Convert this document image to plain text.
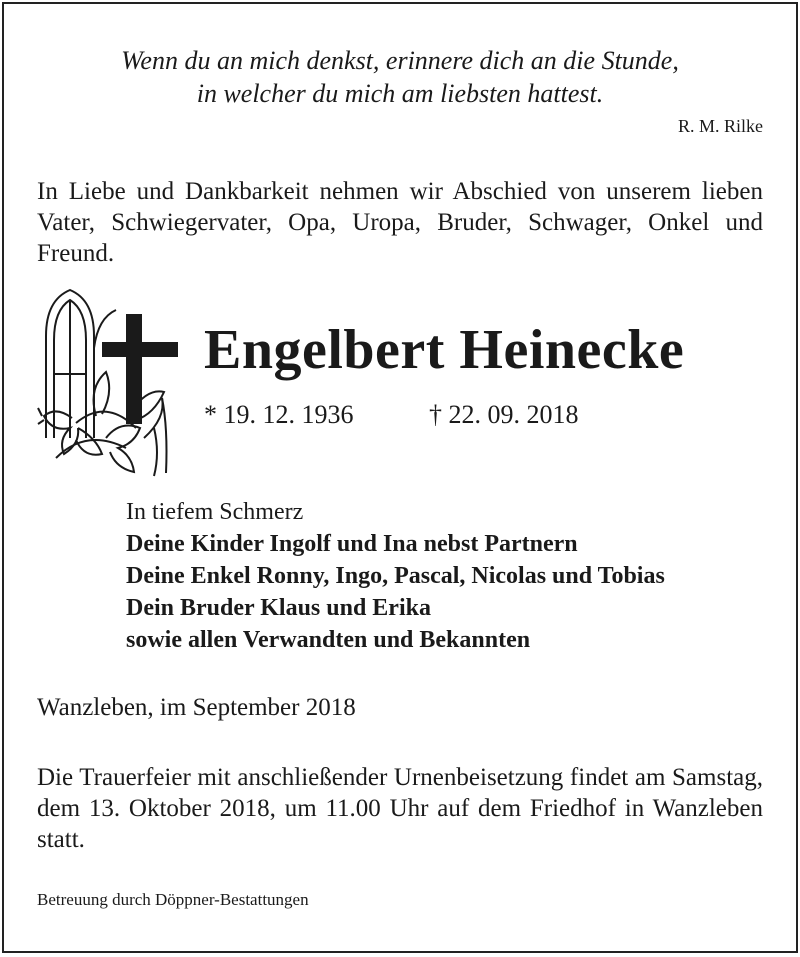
Wenn du an mich denkst, erinnere dich an die Stunde,
in welcher du mich am liebsten hattest.
R. M. Rilke
In Liebe und Dankbarkeit nehmen wir Abschied von unserem lieben Vater, Schwiegervater, Opa, Uropa, Bruder, Schwager, Onkel und Freund.
Engelbert Heinecke
* 19. 12. 1936	† 22. 09. 2018
In tiefem Schmerz
Deine Kinder Ingolf und Ina nebst Partnern
Deine Enkel Ronny, Ingo, Pascal, Nicolas und Tobias
Dein Bruder Klaus und Erika
sowie allen Verwandten und Bekannten
Wanzleben, im September 2018
Die Trauerfeier mit anschließender Urnenbeisetzung findet am Samstag, dem 13. Oktober 2018, um 11.00 Uhr auf dem Friedhof in Wanzleben statt.
Betreuung durch Döppner-Bestattungen
